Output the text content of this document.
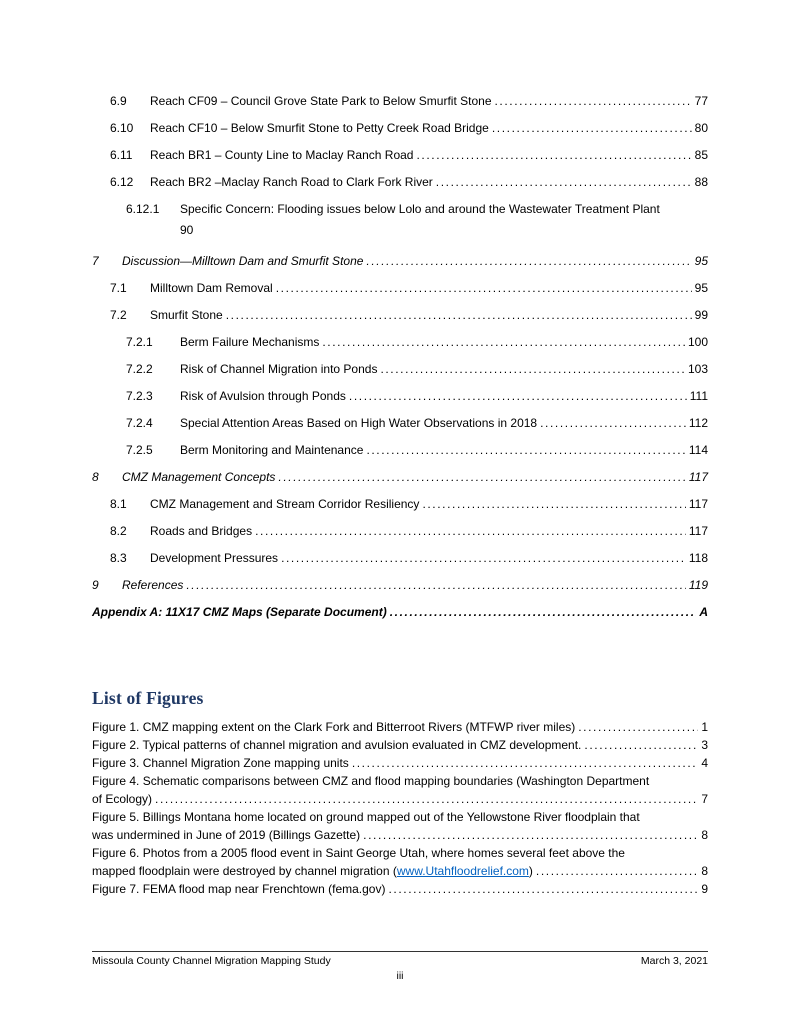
6.9	Reach CF09 – Council Grove State Park to Below Smurfit Stone .....	77
6.10	Reach CF10 – Below Smurfit Stone to Petty Creek Road Bridge .....	80
6.11	Reach BR1 – County Line to Maclay Ranch Road .....	85
6.12	Reach BR2 –Maclay Ranch Road to Clark Fork River .....	88
6.12.1	Specific Concern: Flooding issues below Lolo and around the Wastewater Treatment Plant
90
7	Discussion—Milltown Dam and Smurfit Stone .....	95
7.1	Milltown Dam Removal .....	95
7.2	Smurfit Stone .....	99
7.2.1	Berm Failure Mechanisms .....	100
7.2.2	Risk of Channel Migration into Ponds .....	103
7.2.3	Risk of Avulsion through Ponds .....	111
7.2.4	Special Attention Areas Based on High Water Observations in 2018 .....	112
7.2.5	Berm Monitoring and Maintenance .....	114
8	CMZ Management Concepts .....	117
8.1	CMZ Management and Stream Corridor Resiliency .....	117
8.2	Roads and Bridges .....	117
8.3	Development Pressures .....	118
9	References .....	119
Appendix A: 11X17 CMZ Maps (Separate Document) .....	A
List of Figures
Figure 1. CMZ mapping extent on the Clark Fork and Bitterroot Rivers (MTFWP river miles) .....	1
Figure 2. Typical patterns of channel migration and avulsion evaluated in CMZ development. .....	3
Figure 3. Channel Migration Zone mapping units .....	4
Figure 4. Schematic comparisons between CMZ and flood mapping boundaries (Washington Department
of Ecology) .....	7
Figure 5. Billings Montana home located on ground mapped out of the Yellowstone River floodplain that
was undermined in June of 2019 (Billings Gazette) .....	8
Figure 6. Photos from a 2005 flood event in Saint George Utah, where homes several feet above the
mapped floodplain were destroyed by channel migration (www.Utahfloodrelief.com) .....	8
Figure 7. FEMA flood map near Frenchtown (fema.gov) .....	9
Missoula County Channel Migration Mapping Study	March 3, 2021
iii
